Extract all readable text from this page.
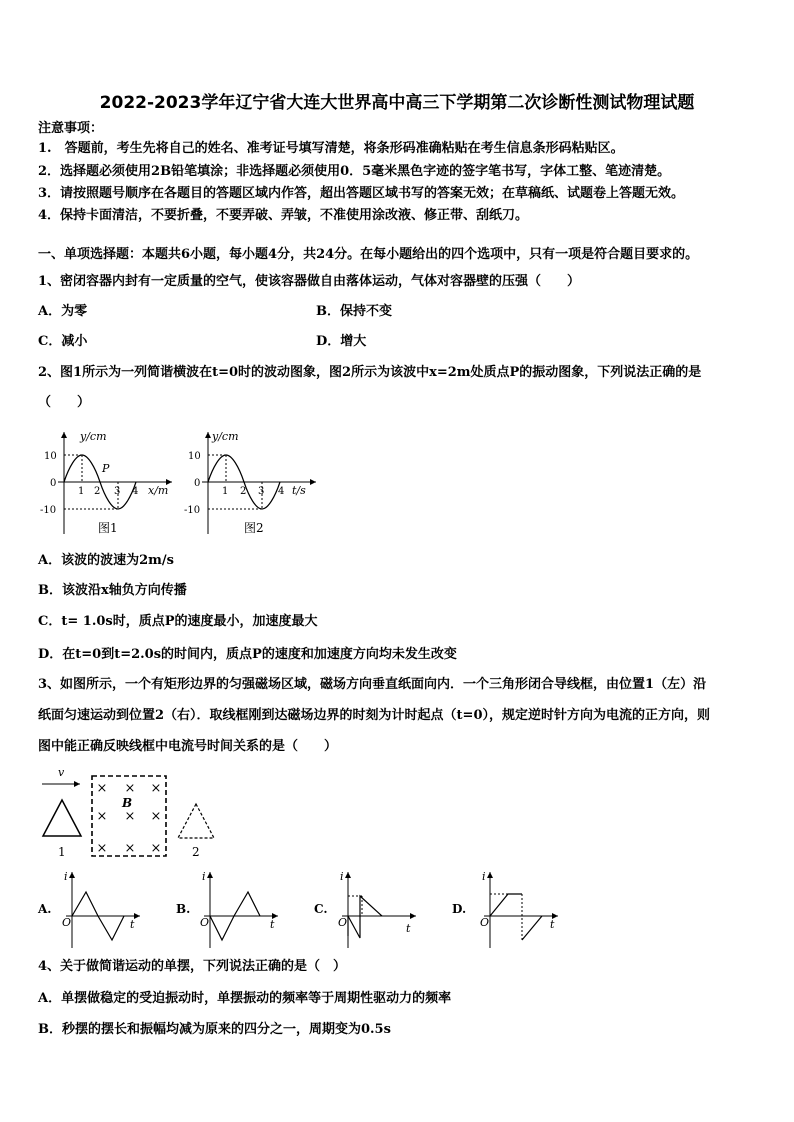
2022-2023学年辽宁省大连大世界高中高三下学期第二次诊断性测试物理试题
注意事项：
1.　答题前，考生先将自己的姓名、准考证号填写清楚，将条形码准确粘贴在考生信息条形码粘贴区。
2．选择题必须使用2B铅笔填涂；非选择题必须使用0．5毫米黑色字迹的签字笔书写，字体工整、笔迹清楚。
3．请按照题号顺序在各题目的答题区域内作答，超出答题区域书写的答案无效；在草稿纸、试题卷上答题无效。
4．保持卡面清洁，不要折叠，不要弄破、弄皱，不准使用涂改液、修正带、刮纸刀。
一、单项选择题：本题共6小题，每小题4分，共24分。在每小题给出的四个选项中，只有一项是符合题目要求的。
1、密闭容器内封有一定质量的空气，使该容器做自由落体运动，气体对容器壁的压强（　　）
A．为零	B．保持不变
C．减小	D．增大
2、图1所示为一列简谐横波在t=0时的波动图象，图2所示为该波中x=2m处质点P的振动图象，下列说法正确的是
（　　）
y/cm
10
0
-10
1 2 3 4
P
x/m
图1
y/cm
10
0
-10
1 2 3 4 t/s
图2
A．该波的波速为2m/s
B．该波沿x轴负方向传播
C．t= 1.0s时，质点P的速度最小，加速度最大
D．在t=0到t=2.0s的时间内，质点P的速度和加速度方向均未发生改变
3、如图所示，一个有矩形边界的匀强磁场区域，磁场方向垂直纸面向内．一个三角形闭合导线框，由位置1（左）沿
纸面匀速运动到位置2（右）．取线框刚到达磁场边界的时刻为计时起点（t=0），规定逆时针方向为电流的正方向，则
图中能正确反映线框中电流号时间关系的是（　　）
v
1
× × ×
× × ×
× × ×
B
2
A.
i
O	t
B.
i
O	t
C.
i
O	t
D.
i
O	t
4、关于做简谐运动的单摆，下列说法正确的是（　）
A．单摆做稳定的受迫振动时，单摆振动的频率等于周期性驱动力的频率
B．秒摆的摆长和振幅均减为原来的四分之一，周期变为0.5s
